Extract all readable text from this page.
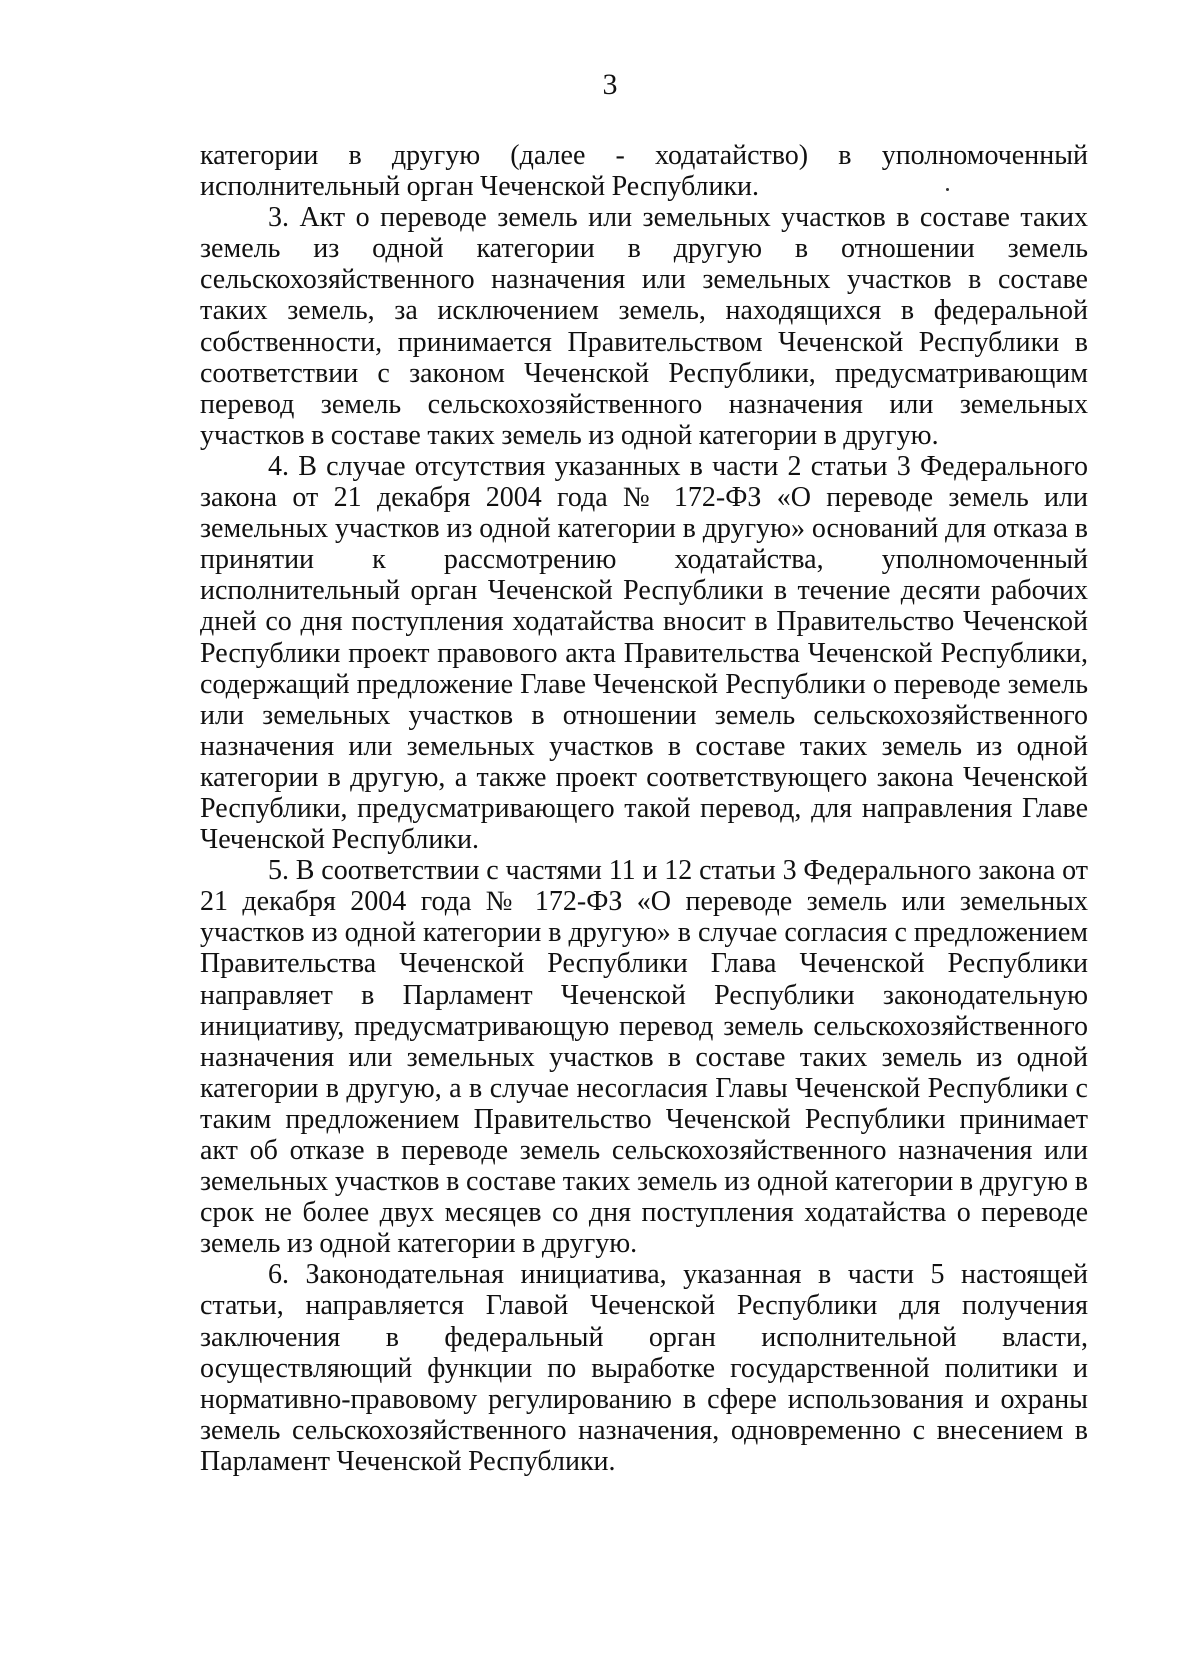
3

категории в другую (далее - ходатайство) в уполномоченный исполнительный орган Чеченской Республики.

3. Акт о переводе земель или земельных участков в составе таких земель из одной категории в другую в отношении земель сельскохозяйственного назначения или земельных участков в составе таких земель, за исключением земель, находящихся в федеральной собственности, принимается Правительством Чеченской Республики в соответствии с законом Чеченской Республики, предусматривающим перевод земель сельскохозяйственного назначения или земельных участков в составе таких земель из одной категории в другую.

4. В случае отсутствия указанных в части 2 статьи 3 Федерального закона от 21 декабря 2004 года № 172-ФЗ «О переводе земель или земельных участков из одной категории в другую» оснований для отказа в принятии к рассмотрению ходатайства, уполномоченный исполнительный орган Чеченской Республики в течение десяти рабочих дней со дня поступления ходатайства вносит в Правительство Чеченской Республики проект правового акта Правительства Чеченской Республики, содержащий предложение Главе Чеченской Республики о переводе земель или земельных участков в отношении земель сельскохозяйственного назначения или земельных участков в составе таких земель из одной категории в другую, а также проект соответствующего закона Чеченской Республики, предусматривающего такой перевод, для направления Главе Чеченской Республики.

5. В соответствии с частями 11 и 12 статьи 3 Федерального закона от 21 декабря 2004 года № 172-ФЗ «О переводе земель или земельных участков из одной категории в другую» в случае согласия с предложением Правительства Чеченской Республики Глава Чеченской Республики направляет в Парламент Чеченской Республики законодательную инициативу, предусматривающую перевод земель сельскохозяйственного назначения или земельных участков в составе таких земель из одной категории в другую, а в случае несогласия Главы Чеченской Республики с таким предложением Правительство Чеченской Республики принимает акт об отказе в переводе земель сельскохозяйственного назначения или земельных участков в составе таких земель из одной категории в другую в срок не более двух месяцев со дня поступления ходатайства о переводе земель из одной категории в другую.

6. Законодательная инициатива, указанная в части 5 настоящей статьи, направляется Главой Чеченской Республики для получения заключения в федеральный орган исполнительной власти, осуществляющий функции по выработке государственной политики и нормативно-правовому регулированию в сфере использования и охраны земель сельскохозяйственного назначения, одновременно с внесением в Парламент Чеченской Республики.
